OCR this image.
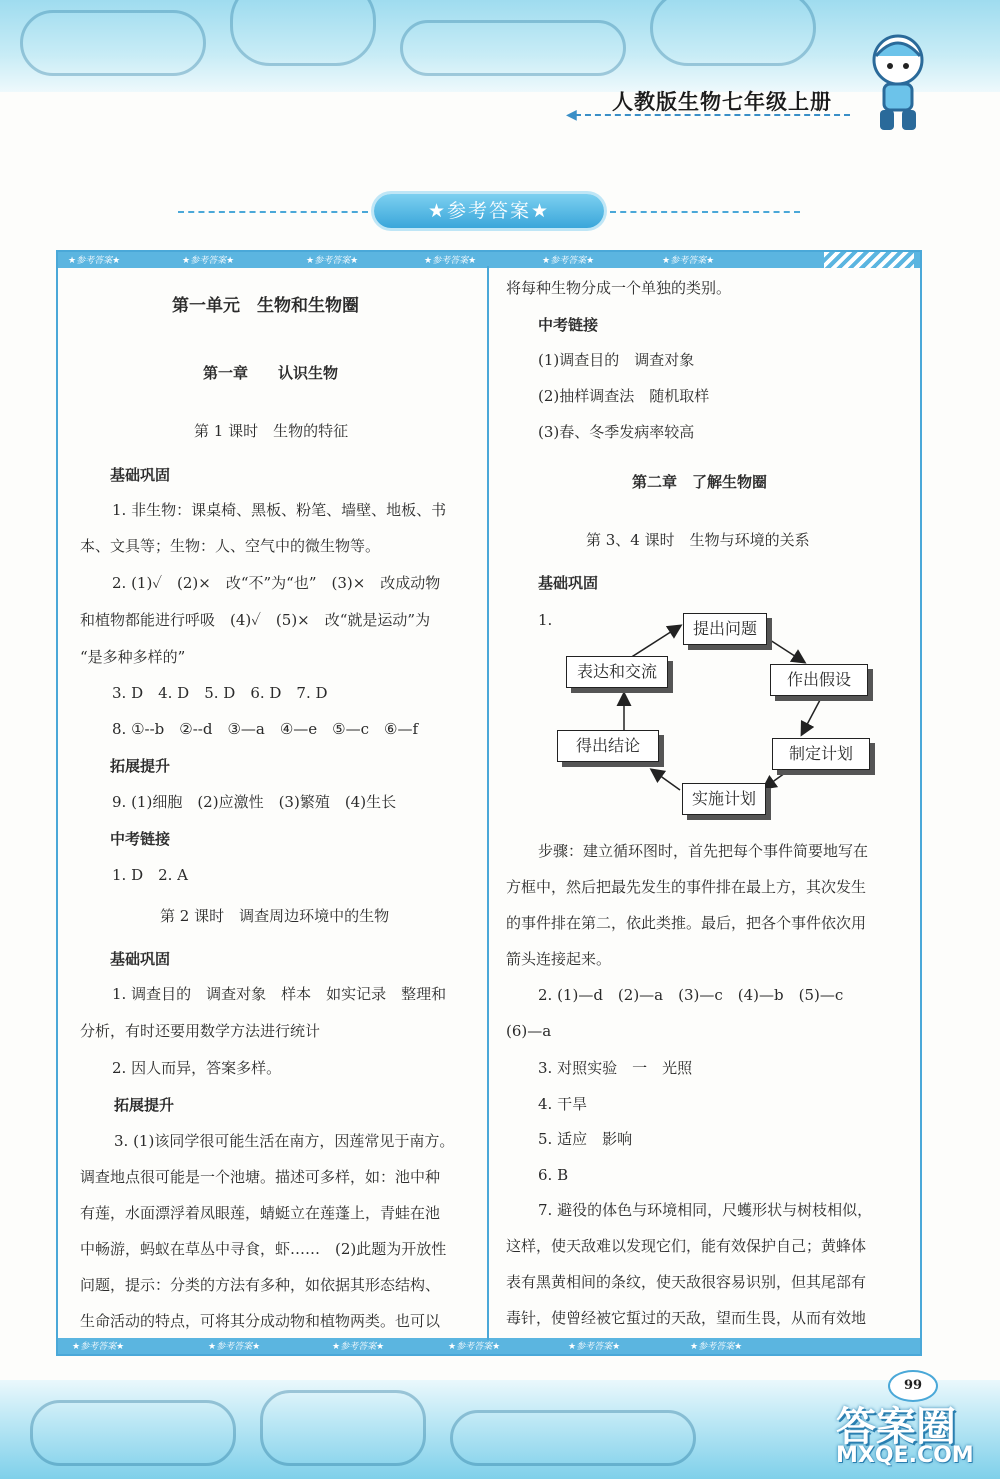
人教版生物七年级上册
◀
★参考答案★
★参考答案★	★参考答案★	★参考答案★	★参考答案★	★参考答案★	★参考答案★
★参考答案★	★参考答案★	★参考答案★	★参考答案★	★参考答案★	★参考答案★
第一单元　生物和生物圈
第一章　　认识生物
第 1 课时　生物的特征
基础巩固
1. 非生物：课桌椅、黑板、粉笔、墙壁、地板、书
本、文具等；生物：人、空气中的微生物等。
2. (1)✓　(2)×　改“不”为“也”　(3)×　改成动物
和植物都能进行呼吸　(4)✓　(5)×　改“就是运动”为
“是多种多样的”
3. D　4. D　5. D　6. D　7. D
8. ①--b　②--d　③—a　④—e　⑤—c　⑥—f
拓展提升
9. (1)细胞　(2)应激性　(3)繁殖　(4)生长
中考链接
1. D　2. A
第 2 课时　调查周边环境中的生物
基础巩固
1. 调查目的　调查对象　样本　如实记录　整理和
分析，有时还要用数学方法进行统计
2. 因人而异，答案多样。
拓展提升
3. (1)该同学很可能生活在南方，因莲常见于南方。
调查地点很可能是一个池塘。描述可多样，如：池中种
有莲，水面漂浮着凤眼莲，蜻蜓立在莲蓬上，青蛙在池
中畅游，蚂蚁在草丛中寻食，虾……　(2)此题为开放性
问题，提示：分类的方法有多种，如依据其形态结构、
生命活动的特点，可将其分成动物和植物两类。也可以
将每种生物分成一个单独的类别。
中考链接
(1)调查目的　调查对象
(2)抽样调查法　随机取样
(3)春、冬季发病率较高
第二章　了解生物圈
第 3、4 课时　生物与环境的关系
基础巩固
1.	提出问题
表达和交流	作出假设
得出结论	制定计划
实施计划
步骤：建立循环图时，首先把每个事件简要地写在
方框中，然后把最先发生的事件排在最上方，其次发生
的事件排在第二，依此类推。最后，把各个事件依次用
箭头连接起来。
2. (1)—d　(2)—a　(3)—c　(4)—b　(5)—c
(6)—a
3. 对照实验　一　光照
4. 干旱
5. 适应　影响
6. B
7. 避役的体色与环境相同，尺蠖形状与树枝相似，
这样，使天敌难以发现它们，能有效保护自己；黄蜂体
表有黑黄相间的条纹，使天敌很容易识别，但其尾部有
毒针，使曾经被它蜇过的天敌，望而生畏，从而有效地
99
答案圈
MXQE.COM
